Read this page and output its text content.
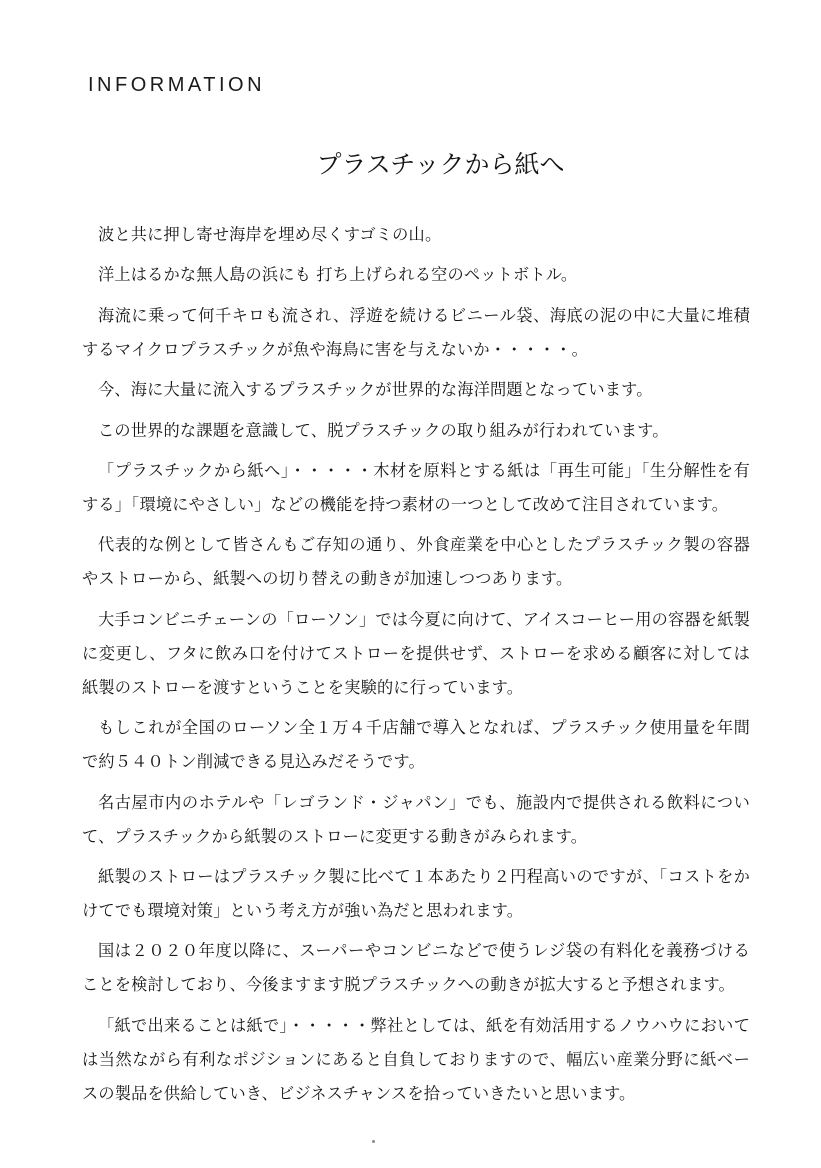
INFORMATION
プラスチックから紙へ

波と共に押し寄せ海岸を埋め尽くすゴミの山。

洋上はるかな無人島の浜にも 打ち上げられる空のペットボトル。

海流に乗って何千キロも流され、浮遊を続けるビニール袋、海底の泥の中に大量に堆積するマイクロプラスチックが魚や海鳥に害を与えないか・・・・・。

今、海に大量に流入するプラスチックが世界的な海洋問題となっています。

この世界的な課題を意識して、脱プラスチックの取り組みが行われています。

「プラスチックから紙へ」・・・・・木材を原料とする紙は「再生可能」「生分解性を有する」「環境にやさしい」などの機能を持つ素材の一つとして改めて注目されています。

代表的な例として皆さんもご存知の通り、外食産業を中心としたプラスチック製の容器やストローから、紙製への切り替えの動きが加速しつつあります。

大手コンビニチェーンの「ローソン」では今夏に向けて、アイスコーヒー用の容器を紙製に変更し、フタに飲み口を付けてストローを提供せず、ストローを求める顧客に対しては紙製のストローを渡すということを実験的に行っています。

もしこれが全国のローソン全１万４千店舗で導入となれば、プラスチック使用量を年間で約５４０トン削減できる見込みだそうです。

名古屋市内のホテルや「レゴランド・ジャパン」でも、施設内で提供される飲料について、プラスチックから紙製のストローに変更する動きがみられます。

紙製のストローはプラスチック製に比べて１本あたり２円程高いのですが、「コストをかけてでも環境対策」という考え方が強い為だと思われます。

国は２０２０年度以降に、スーパーやコンビニなどで使うレジ袋の有料化を義務づけることを検討しており、今後ますます脱プラスチックへの動きが拡大すると予想されます。

「紙で出来ることは紙で」・・・・・弊社としては、紙を有効活用するノウハウにおいては当然ながら有利なポジションにあると自負しておりますので、幅広い産業分野に紙ベースの製品を供給していき、ビジネスチャンスを拾っていきたいと思います。
